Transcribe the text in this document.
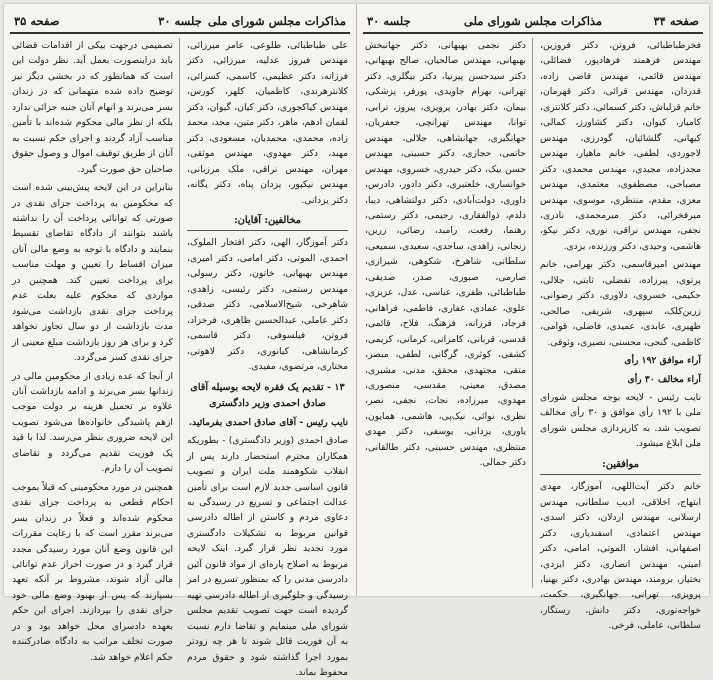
مذاکرات مجلس شورای ملی
جلسه ۳۰
صفحه ۳۵

علی طباطبائی، طلوعی، عامر میرزائی، مهندس فیروز عدلیه، میرزائی، دکتر فرزانه، دکتر عظیمی، کاسمی، کسرائی، کلانترهرندی، کاظمیان، کلهر، کورس، مهندس کیاکجوری، دکتر کیان، گیوان، دکتر لقمان ادهم، ماهر، دکتر متین، مجد، محمد زاده، محمدی، محمدیان، مسعودی، دکتر مهبد، دکتر مهدوی، مهندس موثقی، مهران، مهندس نراقی، ملک مرزبانی، مهندس نیکپور، یزدان پناه، دکتر یگانه، دکتر یزدانی.

مخالفین: آقایان:

دکتر آموزگار، الهی، دکتر افتخار الملوک، احمدی، الموتی، دکتر امامی، دکتر امیری، مهندس بهبهانی، خاتون، دکتر رسولی، مهندس رستمی، دکتر رئیسی، زاهدی، شاهرخی، شیخ‌الاسلامی، دکتر صدقی، دکتر عاملی، عبدالحسین ظاهری، فرخزاد، فروتن، فیلسوفی، دکتر قاسمی، کرمانشاهی، کیانوری، دکتر لاهوتی، مختاری، مرتضوی، مفیدی.

۱۳ - تقدیم یک فقره لایحه بوسیله آقای صادق احمدی وزیر دادگستری

نایب رئیس - آقای صادق احمدی بفرمائید.

صادق احمدی (وزیر دادگستری) - بطوریکه همکاران محترم استحضار دارند پس از انقلاب شکوهمند ملت ایران و تصویب قانون اساسی جدید لازم است برای تأمین عدالت اجتماعی و تسریع در رسیدگی به دعاوی مردم و کاستن از اطاله دادرسی قوانین مربوط به تشکیلات دادگستری مورد تجدید نظر قرار گیرد. اینک لایحه مربوط به اصلاح پاره‌ای از مواد قانون آئین دادرسی مدنی را که بمنظور تسریع در امر رسیدگی و جلوگیری از اطاله دادرسی تهیه گردیده است جهت تصویب تقدیم مجلس شورای ملی مینمایم و تقاضا دارم نسبت به آن فوریت قائل شوند تا هر چه زودتر بمورد اجرا گذاشته شود و حقوق مردم محفوظ بماند.

تصمیمی درجهت بیکی از اقدامات قضائی باید دراینصورت بعمل آید. نظر دولت این است که همانطور که در بخشی دیگر نیز توضیح داده شده متهمانی که در زندان بسر می‌برند و اتهام آنان جنبه جزائی ندارد بلکه از نظر مالی محکوم شده‌اند با تأمین مناسب آزاد گردند و اجرای حکم نسبت به آنان از طریق توقیف اموال و وصول حقوق صاحبان حق صورت گیرد.

بنابراین در این لایحه پیش‌بینی شده است که محکومین به پرداخت جزای نقدی در صورتی که توانائی پرداخت آن را نداشته باشند بتوانند از دادگاه تقاضای تقسیط بنمایند و دادگاه با توجه به وضع مالی آنان میزان اقساط را تعیین و مهلت مناسب برای پرداخت تعیین کند. همچنین در مواردی که محکوم علیه بعلت عدم پرداخت جزای نقدی بازداشت می‌شود مدت بازداشت از دو سال تجاوز نخواهد کرد و برای هر روز بازداشت مبلغ معینی از جزای نقدی کسر می‌گردد.

از آنجا که عده زیادی از محکومین مالی در زندانها بسر می‌برند و ادامه بازداشت آنان علاوه بر تحمیل هزینه بر دولت موجب ازهم پاشیدگی خانواده‌ها می‌شود تصویب این لایحه ضروری بنظر می‌رسد. لذا با قید یک فوریت تقدیم می‌گردد و تقاضای تصویب آن را دارم.

همچنین در مورد محکومینی که قبلاً بموجب احکام قطعی به پرداخت جزای نقدی محکوم شده‌اند و فعلاً در زندان بسر می‌برند مقرر است که با رعایت مقررات این قانون وضع آنان مورد رسیدگی مجدد قرار گیرد و در صورت احراز عدم توانائی مالی آزاد شوند، مشروط بر آنکه تعهد بسپارند که پس از بهبود وضع مالی خود جزای نقدی را بپردازند. اجرای این حکم بعهده دادسرای محل خواهد بود و در صورت تخلف مراتب به دادگاه صادرکننده حکم اعلام خواهد شد.

صفحه ۳۴
مذاکرات مجلس شورای ملی
جلسه ۳۰

فخرطباطبائی، فروتن، دکتر فروزین، مهندس فرهمند فرهادپور، فضائلی، مهندس قائمی، مهندس قاضی زاده، قدردان، مهندس قرائی، دکتر قهرمان، خانم قزلباش، دکتر کسمائی، دکتر کلانتری، کامیار، کیوان، دکتر کشاورز، کمالی، کیهانی، گلشائیان، گودرزی، مهندس لاجوردی، لطفی، خانم ماهیار، مهندس مجدزاده، مجیدی، مهندس محمدی، دکتر مصباحی، مصطفوی، معتمدی، مهندس معزی، مقدم، منتظری، موسوی، مهندس میرفخرائی، دکتر میرمحمدی، نادری، نجفی، مهندس نراقی، نوری، دکتر نیکو، هاشمی، وحیدی، دکتر ورزنده، یزدی.

مهندس امیرقاسمی، دکتر بهرامی، خانم پرتوی، پیرزاده، تفضلی، ثابتی، جلالی، حکیمی، خسروی، دلاوری، دکتر رضوانی، زرین‌کلک، سپهری، شریفی، صالحی، ظهیری، عابدی، عمیدی، فاضلی، قوامی، کاظمی، گنجی، محسنی، نصیری، وثوقی.

آراء موافق ۱۹۲ رأی

آراء مخالف ۳۰ رأی

نایب رئیس - لایحه بوجه مجلس شورای ملی با ۱۹۲ رأی موافق و ۳۰ رأی مخالف تصویب شد. به کارپردازی مجلس شورای ملی ابلاغ میشود.

موافقین:

خانم دکتر آیت‌اللهی، آموزگار، مهدی ابتهاج، اخلاقی، ادیب سلطانی، مهندس ارسلانی، مهندس اردلان، دکتر اسدی، مهندس اعتمادی، اسفندیاری، دکتر اصفهانی، افشار، الموتی، امامی، دکتر امینی، مهندس انصاری، دکتر ایزدی، بختیار، برومند، مهندس بهادری، دکتر بهنیا، پرویزی، تهرانی، جهانگیری، حکمت، خواجه‌نوری، دکتر دانش، رستگار، سلطانی، عاملی، فرخی.

دکتر نجمی بهبهانی، دکتر جهانبخش بهبهانی، مهندس صالحیان، صالح بهبهانی، دکتر سیدحسن پیرنیا، دکتر بیگلری، دکتر تهرانی، بهرام جاویدی، پورفر، پزشکی، بیمان، دکتر بهادر، پرویزی، پیروز، ترابی، توانا، مهندس تهرانچی، جعفریان، جهانگیری، جهانشاهی، جلالی، مهندس حاتمی، حجازی، دکتر حسینی، مهندس حسن بیک، دکتر حیدری، خسروی، مهندس خوانساری، خلعتبری، دکتر دادور، دادرس، داوری، دولت‌آبادی، دکتر دولتشاهی، دیبا، دلدم، ذوالفقاری، رحیمی، دکتر رستمی، رهنما، رفعت، رامبد، رضائی، زرین، زنجانی، زاهدی، ساجدی، سعیدی، سمیعی، سلطانی، شاهرخ، شکوهی، شیرازی، صارمی، صبوری، صدر، صدیقی، طباطبائی، ظفری، عباسی، عدل، عزیزی، علوی، عمادی، غفاری، فاطمی، فراهانی، فرجاد، فرزانه، فرهنگ، فلاح، قائمی، قدسی، قربانی، کامرانی، کرمانی، کریمی، کشفی، کوثری، گرگانی، لطفی، مبصر، متقی، مجتهدی، محقق، مدنی، مشیری، مصدق، معینی، مقدسی، منصوری، مهدوی، میرزاده، نجات، نجفی، نصر، نظری، نوائی، نیک‌پی، هاشمی، همایون، یاوری، یزدانی، یوسفی، دکتر مهدی منتظری، مهندس حسینی، دکتر طالقانی، دکتر جمالی.
